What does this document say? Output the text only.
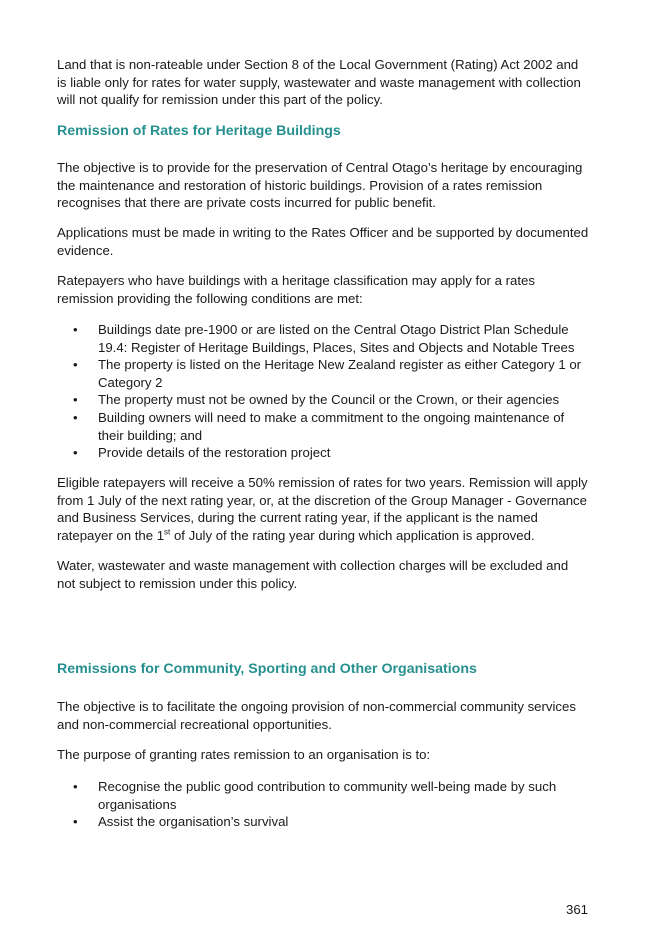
Land that is non-rateable under Section 8 of the Local Government (Rating) Act 2002 and is liable only for rates for water supply, wastewater and waste management with collection will not qualify for remission under this part of the policy.

Remission of Rates for Heritage Buildings

The objective is to provide for the preservation of Central Otago’s heritage by encouraging the maintenance and restoration of historic buildings. Provision of a rates remission recognises that there are private costs incurred for public benefit.

Applications must be made in writing to the Rates Officer and be supported by documented evidence.

Ratepayers who have buildings with a heritage classification may apply for a rates remission providing the following conditions are met:

• Buildings date pre-1900 or are listed on the Central Otago District Plan Schedule 19.4: Register of Heritage Buildings, Places, Sites and Objects and Notable Trees
• The property is listed on the Heritage New Zealand register as either Category 1 or Category 2
• The property must not be owned by the Council or the Crown, or their agencies
• Building owners will need to make a commitment to the ongoing maintenance of their building; and
• Provide details of the restoration project

Eligible ratepayers will receive a 50% remission of rates for two years. Remission will apply from 1 July of the next rating year, or, at the discretion of the Group Manager - Governance and Business Services, during the current rating year, if the applicant is the named ratepayer on the 1st of July of the rating year during which application is approved.

Water, wastewater and waste management with collection charges will be excluded and not subject to remission under this policy.

Remissions for Community, Sporting and Other Organisations

The objective is to facilitate the ongoing provision of non-commercial community services and non-commercial recreational opportunities.

The purpose of granting rates remission to an organisation is to:

• Recognise the public good contribution to community well-being made by such organisations
• Assist the organisation’s survival
361
